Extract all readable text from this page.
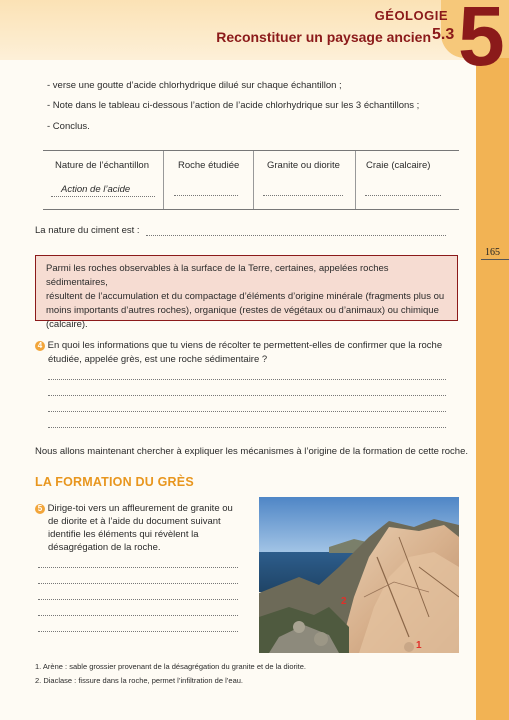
GÉOLOGIE
Reconstituer un paysage ancien 5.3 5
165
- verse une goutte d’acide chlorhydrique dilué sur chaque échantillon ;
- Note dans le tableau ci-dessous l’action de l’acide chlorhydrique sur les 3 échantillons ;
- Conclus.
Nature de l’échantillon	Roche étudiée	Granite ou diorite	Craie (calcaire)
Action de l’acide
La nature du ciment est :
Parmi les roches observables à la surface de la Terre, certaines, appelées roches sédimentaires,
résultent de l’accumulation et du compactage d’éléments d’origine minérale (fragments plus ou
moins importants d’autres roches), organique (restes de végétaux ou d’animaux) ou chimique
(calcaire).
4 En quoi les informations que tu viens de récolter te permettent-elles de confirmer que la roche
étudiée, appelée grès, est une roche sédimentaire ?
Nous allons maintenant chercher à expliquer les mécanismes à l’origine de la formation de cette roche.
LA FORMATION DU GRÈS
5 Dirige-toi vers un affleurement de granite ou
de diorite et à l’aide du document suivant
identifie les éléments qui révèlent la
désagrégation de la roche.
2
1
1. Arène : sable grossier provenant de la désagrégation du granite et de la diorite.
2. Diaclase : fissure dans la roche, permet l’infiltration de l’eau.
